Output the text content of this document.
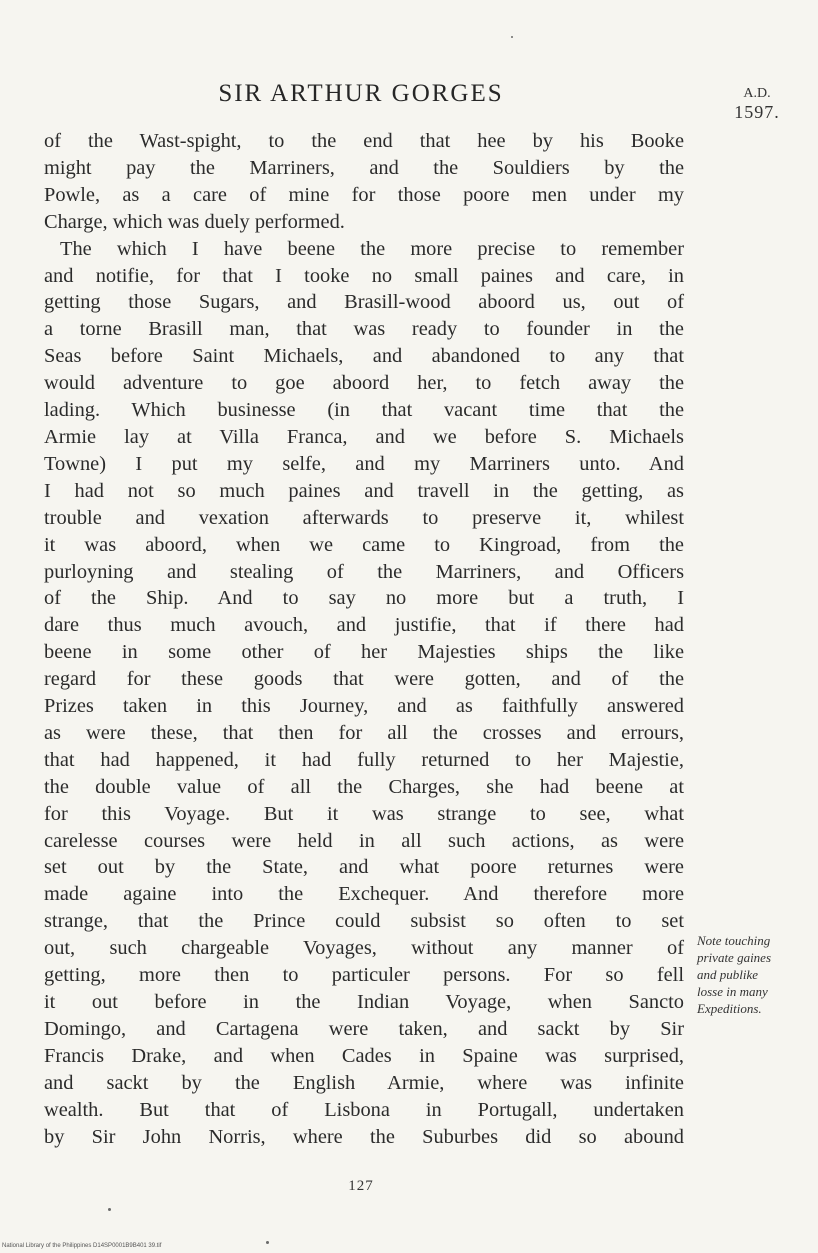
SIR ARTHUR GORGES	A.D.
1597.
of the Wast-spight, to the end that hee by his Booke
might pay the Marriners, and the Souldiers by the
Powle, as a care of mine for those poore men under my
Charge, which was duely performed.
The which I have beene the more precise to remember
and notifie, for that I tooke no small paines and care, in
getting those Sugars, and Brasill-wood aboord us, out of
a torne Brasill man, that was ready to founder in the
Seas before Saint Michaels, and abandoned to any that
would adventure to goe aboord her, to fetch away the
lading. Which businesse (in that vacant time that the
Armie lay at Villa Franca, and we before S. Michaels
Towne) I put my selfe, and my Marriners unto. And
I had not so much paines and travell in the getting, as
trouble and vexation afterwards to preserve it, whilest
it was aboord, when we came to Kingroad, from the
purloyning and stealing of the Marriners, and Officers
of the Ship. And to say no more but a truth, I
dare thus much avouch, and justifie, that if there had
beene in some other of her Majesties ships the like
regard for these goods that were gotten, and of the
Prizes taken in this Journey, and as faithfully answered
as were these, that then for all the crosses and errours,
that had happened, it had fully returned to her Majestie,
the double value of all the Charges, she had beene at
for this Voyage. But it was strange to see, what
carelesse courses were held in all such actions, as were
set out by the State, and what poore returnes were
made againe into the Exchequer. And therefore more
strange, that the Prince could subsist so often to set
out, such chargeable Voyages, without any manner of
getting, more then to particuler persons. For so fell
it out before in the Indian Voyage, when Sancto
Domingo, and Cartagena were taken, and sackt by Sir
Francis Drake, and when Cades in Spaine was surprised,
and sackt by the English Armie, where was infinite
wealth. But that of Lisbona in Portugall, undertaken
by Sir John Norris, where the Suburbes did so abound
Note touching
private gaines
and publike
losse in many
Expeditions.
127
National Library of the Philippines D14SP0001B9B401 39.tif
